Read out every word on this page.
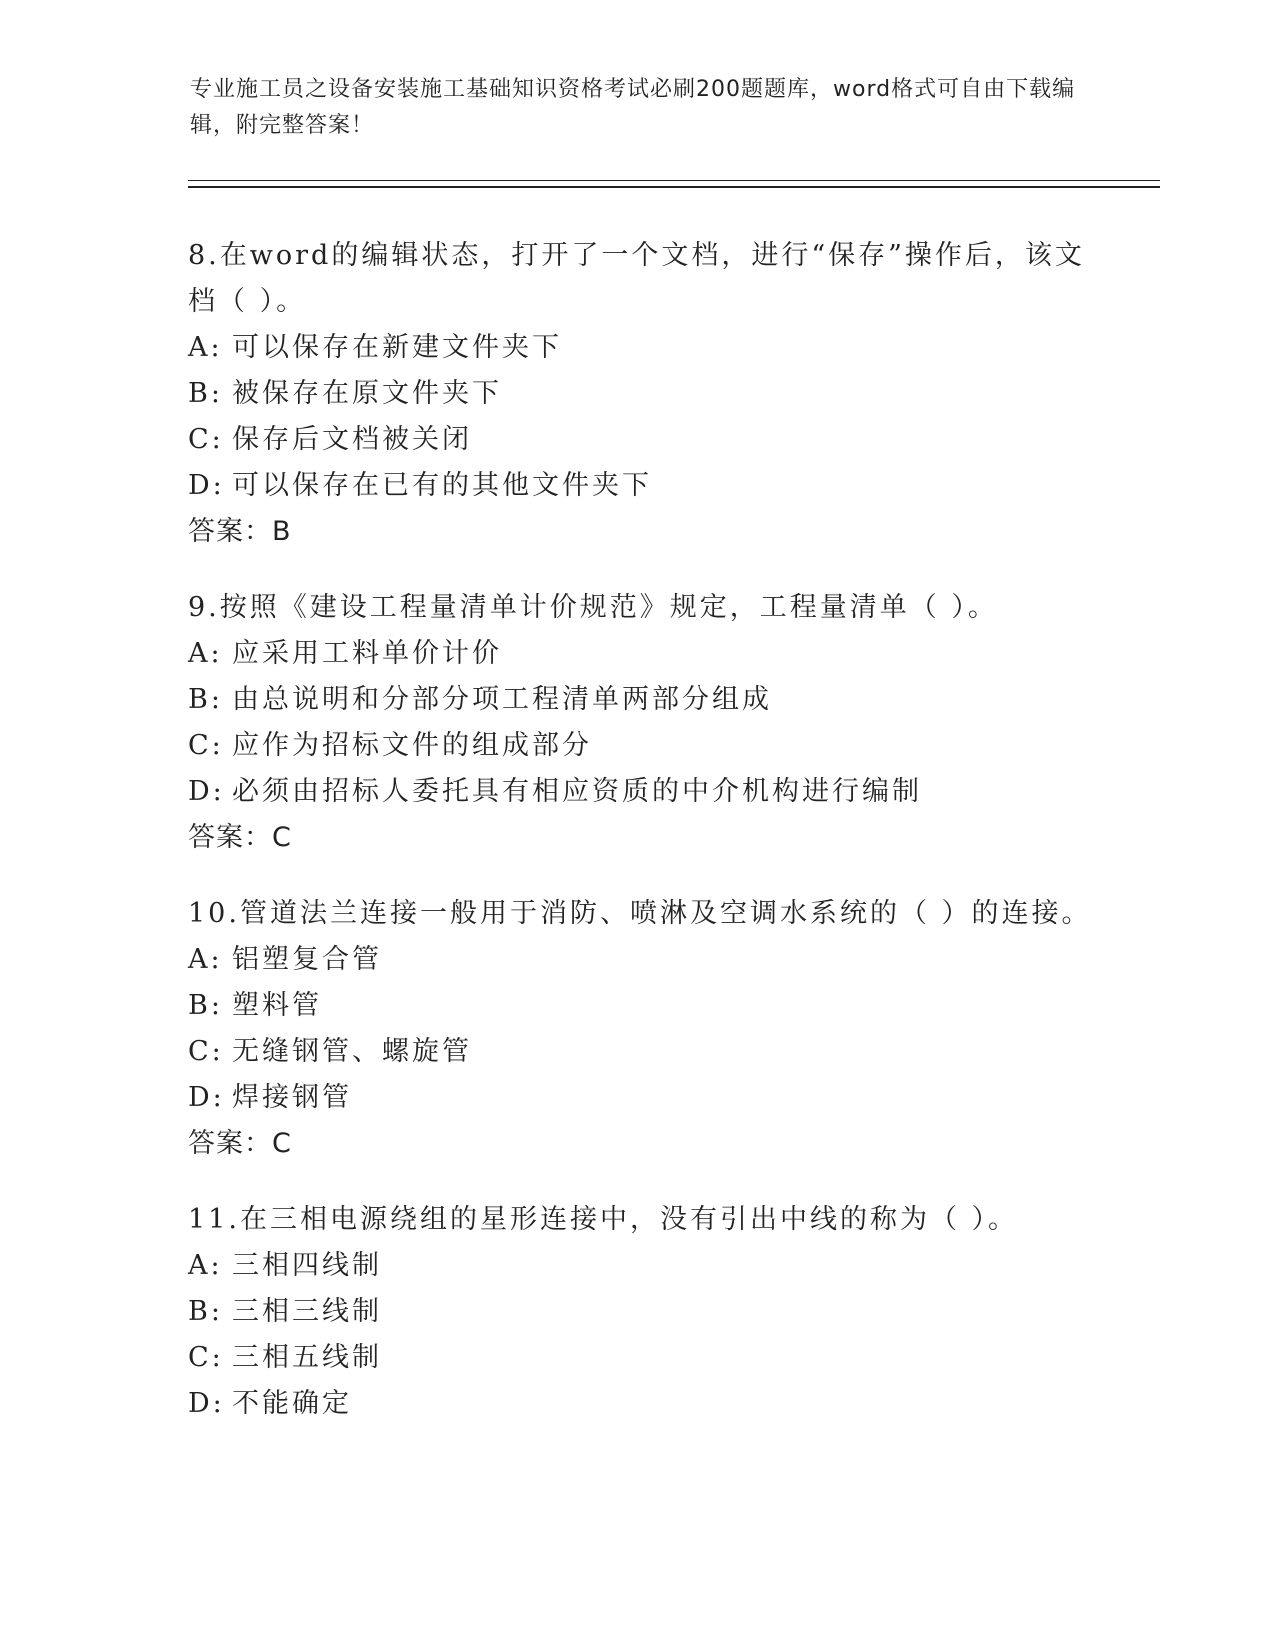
专业施工员之设备安装施工基础知识资格考试必刷200题题库，word格式可自由下载编辑，附完整答案！
8.在word的编辑状态，打开了一个文档，进行“保存”操作后，该文档（ ）。
A: 可以保存在新建文件夹下
B: 被保存在原文件夹下
C: 保存后文档被关闭
D: 可以保存在已有的其他文件夹下
答案：B
9.按照《建设工程量清单计价规范》规定，工程量清单（ ）。
A: 应采用工料单价计价
B: 由总说明和分部分项工程清单两部分组成
C: 应作为招标文件的组成部分
D: 必须由招标人委托具有相应资质的中介机构进行编制
答案：C
10.管道法兰连接一般用于消防、喷淋及空调水系统的（ ）的连接。
A: 铝塑复合管
B: 塑料管
C: 无缝钢管、螺旋管
D: 焊接钢管
答案：C
11.在三相电源绕组的星形连接中，没有引出中线的称为（ ）。
A: 三相四线制
B: 三相三线制
C: 三相五线制
D: 不能确定
